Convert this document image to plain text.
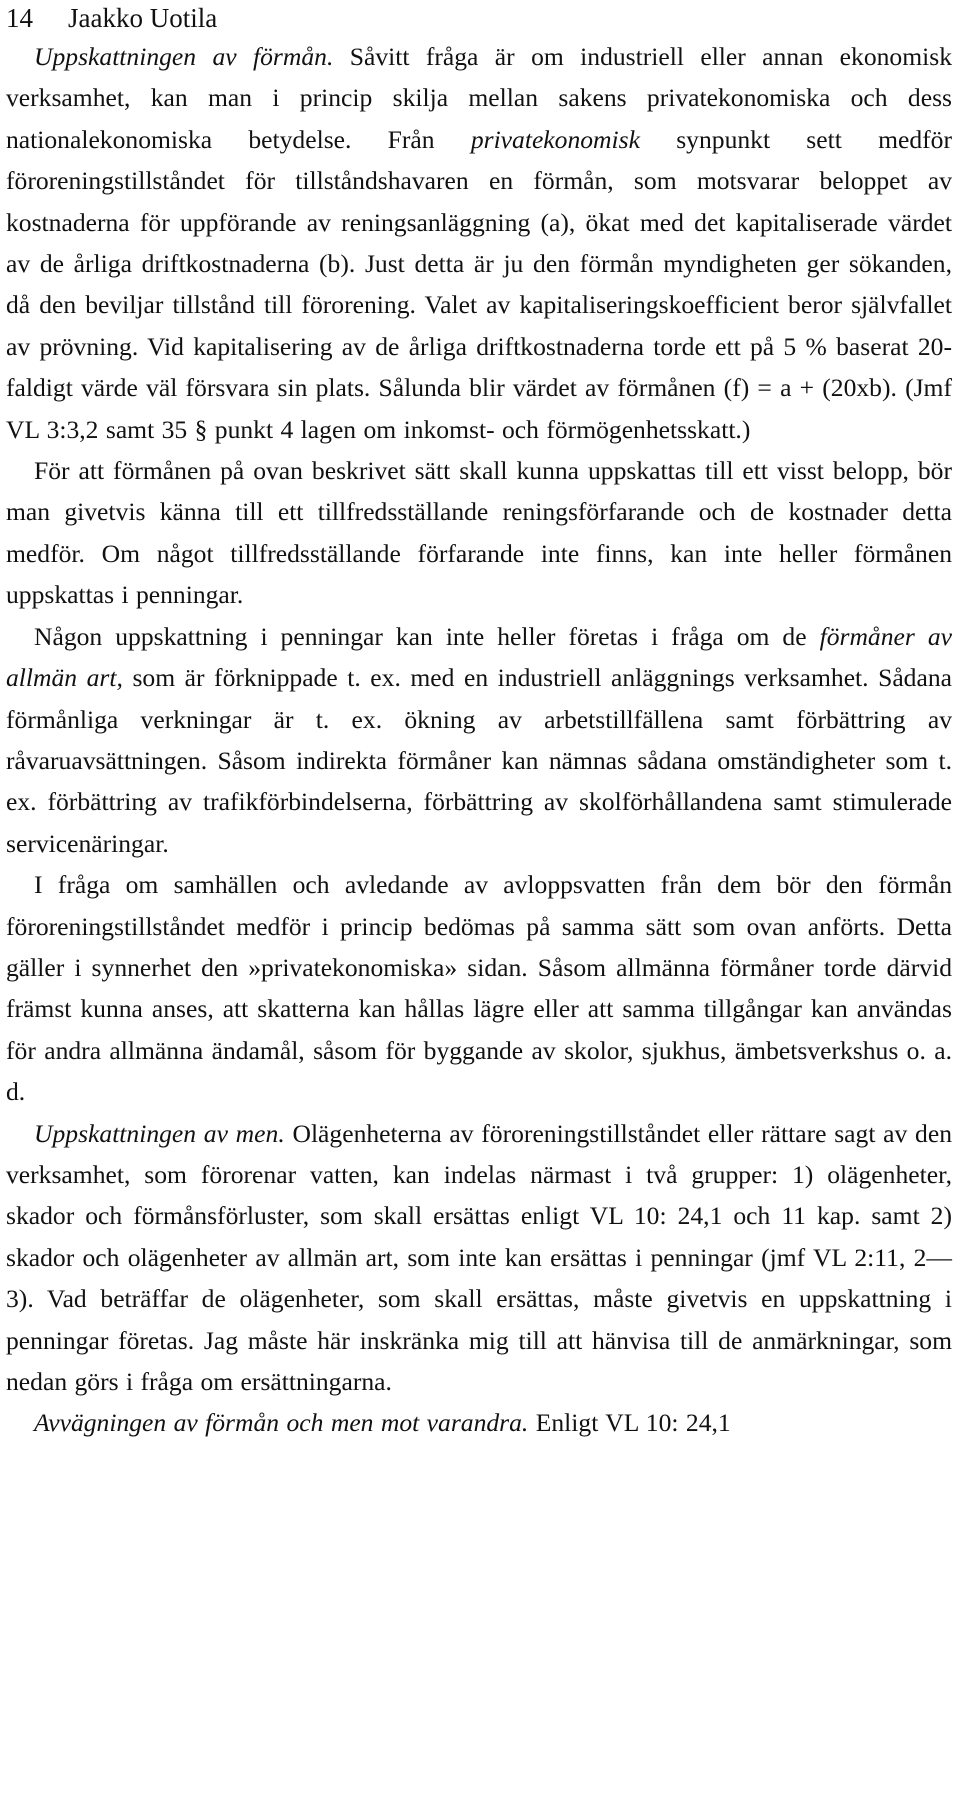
14 Jaakko Uotila

Uppskattningen av förmån. Såvitt fråga är om industriell eller annan ekonomisk verksamhet, kan man i princip skilja mellan sakens privatekonomiska och dess nationalekonomiska betydelse. Från privatekonomisk synpunkt sett medför föroreningstillståndet för tillståndshavaren en förmån, som motsvarar beloppet av kostnaderna för uppförande av reningsanläggning (a), ökat med det kapitaliserade värdet av de årliga driftkostnaderna (b). Just detta är ju den förmån myndigheten ger sökanden, då den beviljar tillstånd till förorening. Valet av kapitaliseringskoefficient beror självfallet av prövning. Vid kapitalisering av de årliga driftkostnaderna torde ett på 5 % baserat 20-faldigt värde väl försvara sin plats. Sålunda blir värdet av förmånen (f) = a + (20xb). (Jmf VL 3:3,2 samt 35 § punkt 4 lagen om inkomst- och förmögenhetsskatt.)

För att förmånen på ovan beskrivet sätt skall kunna uppskattas till ett visst belopp, bör man givetvis känna till ett tillfredsställande reningsförfarande och de kostnader detta medför. Om något tillfredsställande förfarande inte finns, kan inte heller förmånen uppskattas i penningar.

Någon uppskattning i penningar kan inte heller företas i fråga om de förmåner av allmän art, som är förknippade t. ex. med en industriell anläggnings verksamhet. Sådana förmånliga verkningar är t. ex. ökning av arbetstillfällena samt förbättring av råvaruavsättningen. Såsom indirekta förmåner kan nämnas sådana omständigheter som t. ex. förbättring av trafikförbindelserna, förbättring av skolförhållandena samt stimulerade servicenäringar.

I fråga om samhällen och avledande av avloppsvatten från dem bör den förmån föroreningstillståndet medför i princip bedömas på samma sätt som ovan anförts. Detta gäller i synnerhet den »privatekonomiska» sidan. Såsom allmänna förmåner torde därvid främst kunna anses, att skatterna kan hållas lägre eller att samma tillgångar kan användas för andra allmänna ändamål, såsom för byggande av skolor, sjukhus, ämbetsverkshus o. a. d.

Uppskattningen av men. Olägenheterna av föroreningstillståndet eller rättare sagt av den verksamhet, som förorenar vatten, kan indelas närmast i två grupper: 1) olägenheter, skador och förmånsförluster, som skall ersättas enligt VL 10: 24,1 och 11 kap. samt 2) skador och olägenheter av allmän art, som inte kan ersättas i penningar (jmf VL 2:11, 2—3). Vad beträffar de olägenheter, som skall ersättas, måste givetvis en uppskattning i penningar företas. Jag måste här inskränka mig till att hänvisa till de anmärkningar, som nedan görs i fråga om ersättningarna.

Avvägningen av förmån och men mot varandra. Enligt VL 10: 24,1
